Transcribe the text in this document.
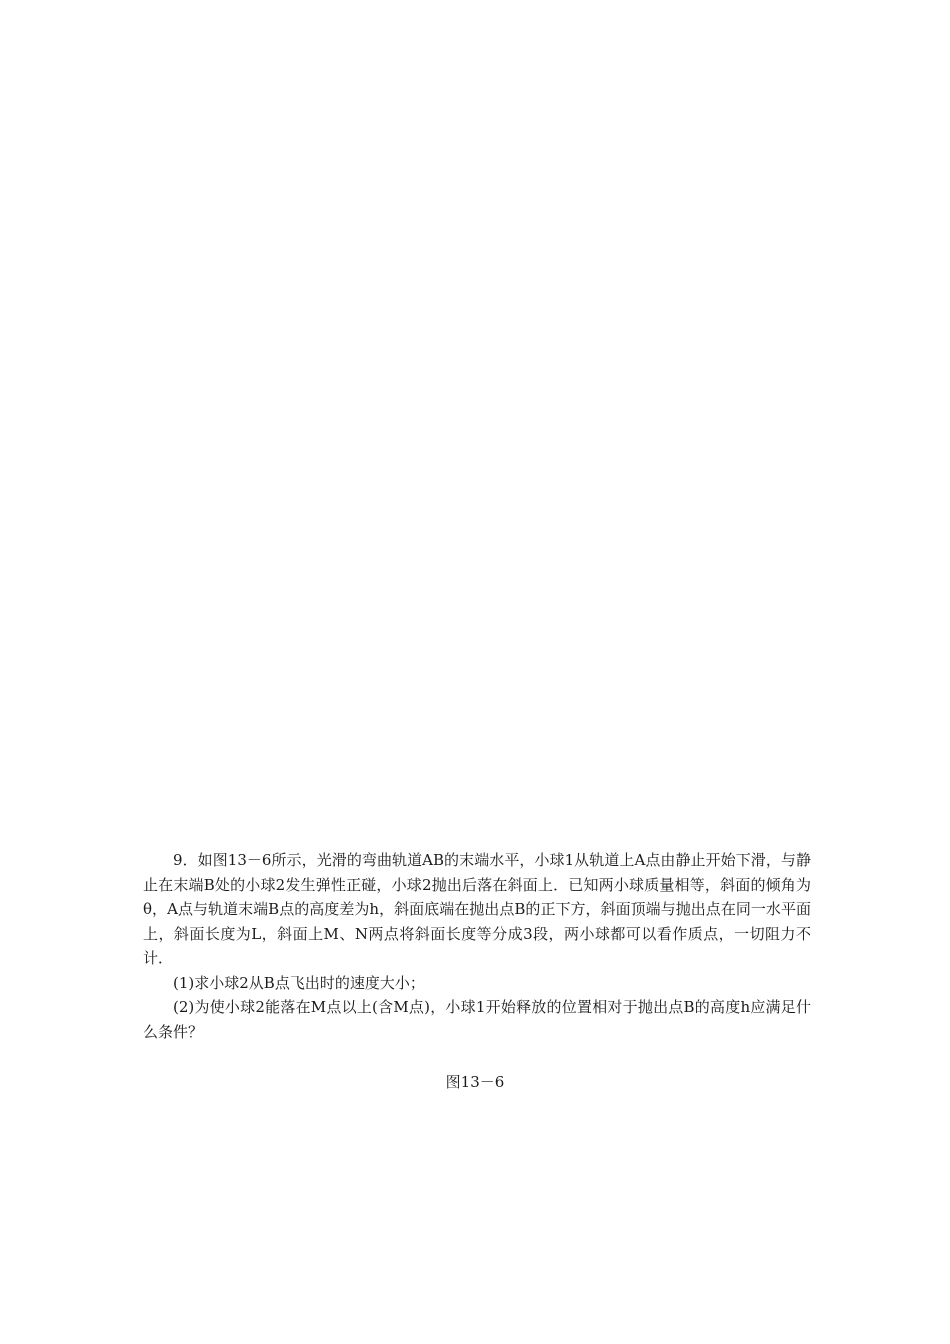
9．如图13－6所示，光滑的弯曲轨道AB的末端水平，小球1从轨道上A点由静止开始下滑，与静止在末端B处的小球2发生弹性正碰，小球2抛出后落在斜面上．已知两小球质量相等，斜面的倾角为θ，A点与轨道末端B点的高度差为h，斜面底端在抛出点B的正下方，斜面顶端与抛出点在同一水平面上，斜面长度为L，斜面上M、N两点将斜面长度等分成3段，两小球都可以看作质点，一切阻力不计．

(1)求小球2从B点飞出时的速度大小；

(2)为使小球2能落在M点以上(含M点)，小球1开始释放的位置相对于抛出点B的高度h应满足什么条件？

图13－6
